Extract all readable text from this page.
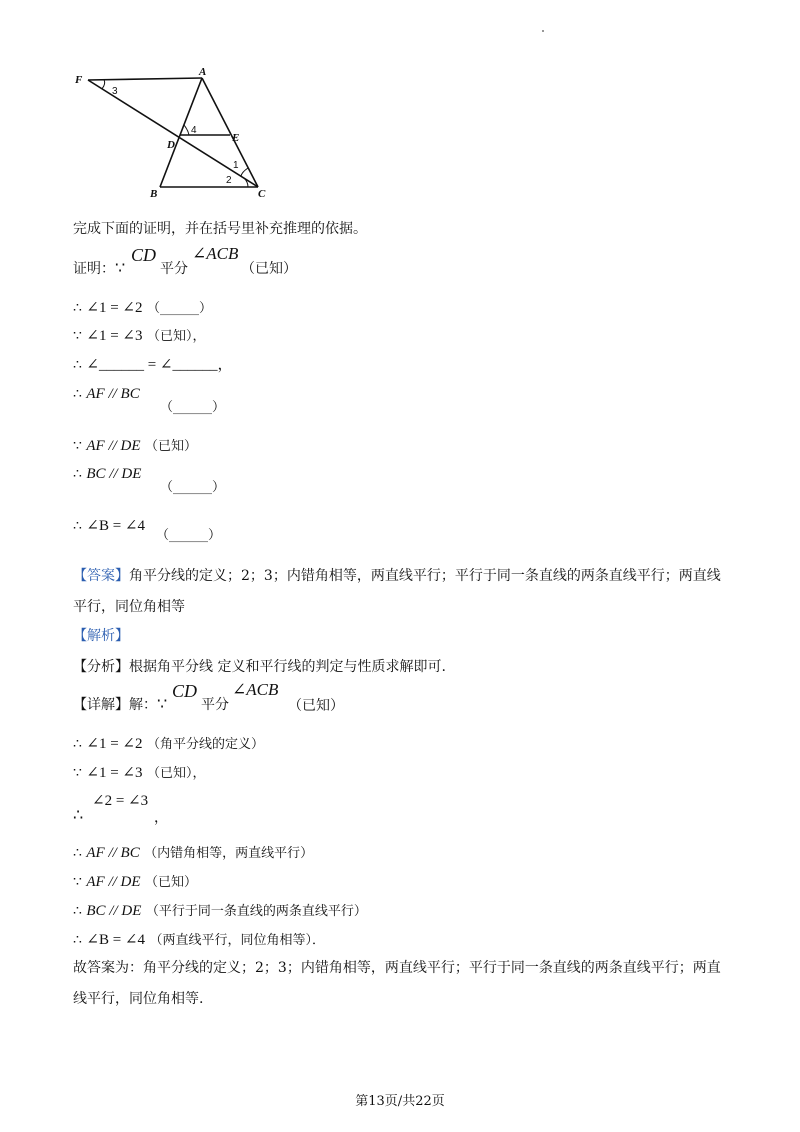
F
A
D
E
B	C
3
4
1
2
完成下面的证明，并在括号里补充推理的依据。
证明：∵
CD
平分
∠ACB
（已知）
∴ ∠1 = ∠2 （______）
∵ ∠1 = ∠3 （已知），
∴ ∠______ = ∠______，
∴ AF // BC
（______）
∵ AF // DE （已知）
∴ BC // DE
（______）
∴ ∠B = ∠4
（______）
【答案】角平分线的定义；2；3；内错角相等，两直线平行；平行于同一条直线的两条直线平行；两直线
平行，同位角相等
【解析】
【分析】根据角平分线 定义和平行线的判定与性质求解即可.
【详解】解：∵
CD
平分
∠ACB
（已知）
∴ ∠1 = ∠2 （角平分线的定义）
∵ ∠1 = ∠3 （已知），
∴
∠2 = ∠3
，
∴ AF // BC （内错角相等，两直线平行）
∵ AF // DE （已知）
∴ BC // DE （平行于同一条直线的两条直线平行）
∴ ∠B = ∠4 （两直线平行，同位角相等）．
故答案为：角平分线的定义；2；3；内错角相等，两直线平行；平行于同一条直线的两条直线平行；两直
线平行，同位角相等.
第13页/共22页
